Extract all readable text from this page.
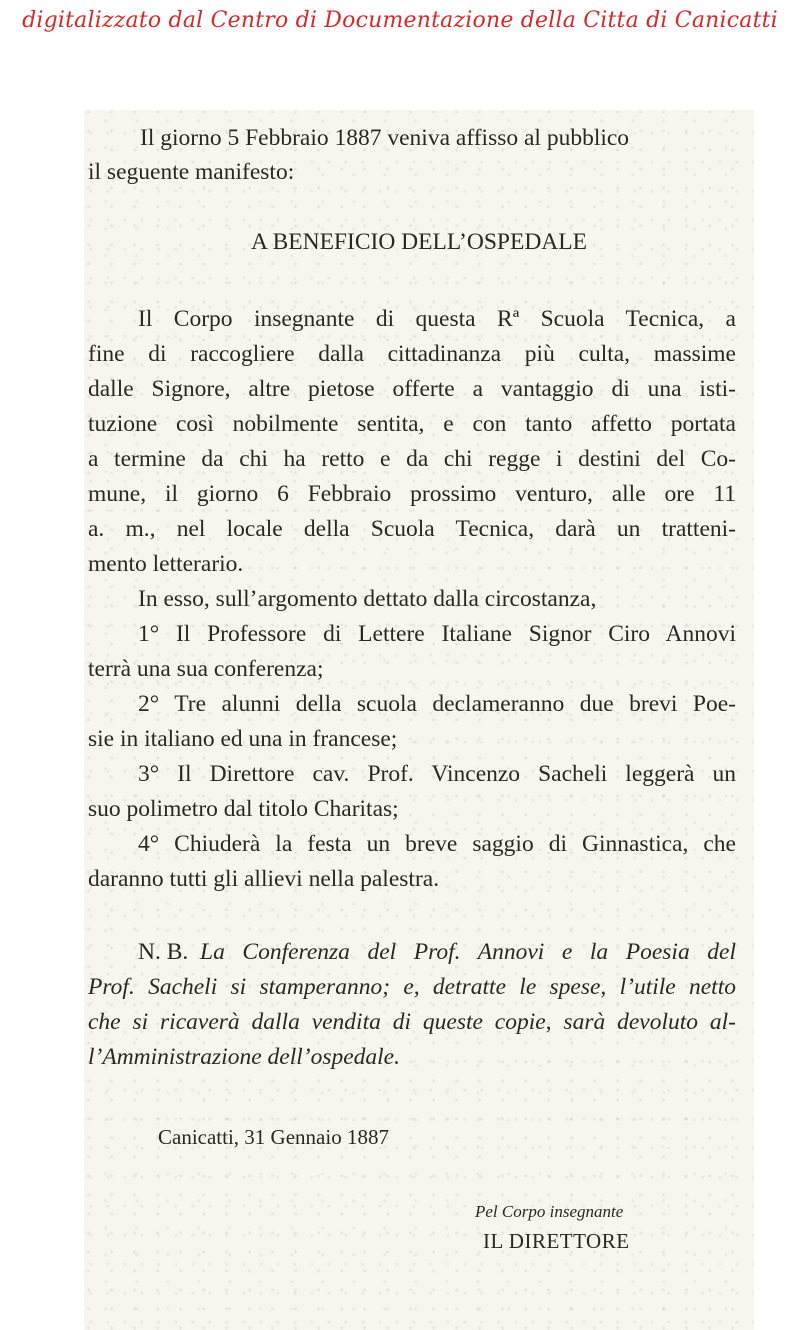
digitalizzato dal Centro di Documentazione della Citta di Canicatti
Il giorno 5 Febbraio 1887 veniva affisso al pubblico
il seguente manifesto:
A BENEFICIO DELL’OSPEDALE
Il Corpo insegnante di questa Rª Scuola Tecnica, a
fine di raccogliere dalla cittadinanza più culta, massime
dalle Signore, altre pietose offerte a vantaggio di una isti-
tuzione così nobilmente sentita, e con tanto affetto portata
a termine da chi ha retto e da chi regge i destini del Co-
mune, il giorno 6 Febbraio prossimo venturo, alle ore 11
a. m., nel locale della Scuola Tecnica, darà un tratteni-
mento letterario.
In esso, sull’argomento dettato dalla circostanza,
1° Il Professore di Lettere Italiane Signor Ciro Annovi
terrà una sua conferenza;
2° Tre alunni della scuola declameranno due brevi Poe-
sie in italiano ed una in francese;
3° Il Direttore cav. Prof. Vincenzo Sacheli leggerà un
suo polimetro dal titolo Charitas;
4° Chiuderà la festa un breve saggio di Ginnastica, che
daranno tutti gli allievi nella palestra.
N. B. La Conferenza del Prof. Annovi e la Poesia del
Prof. Sacheli si stamperanno; e, detratte le spese, l’utile netto
che si ricaverà dalla vendita di queste copie, sarà devoluto al-
l’Amministrazione dell’ospedale.
Canicatti, 31 Gennaio 1887
Pel Corpo insegnante
IL DIRETTORE
